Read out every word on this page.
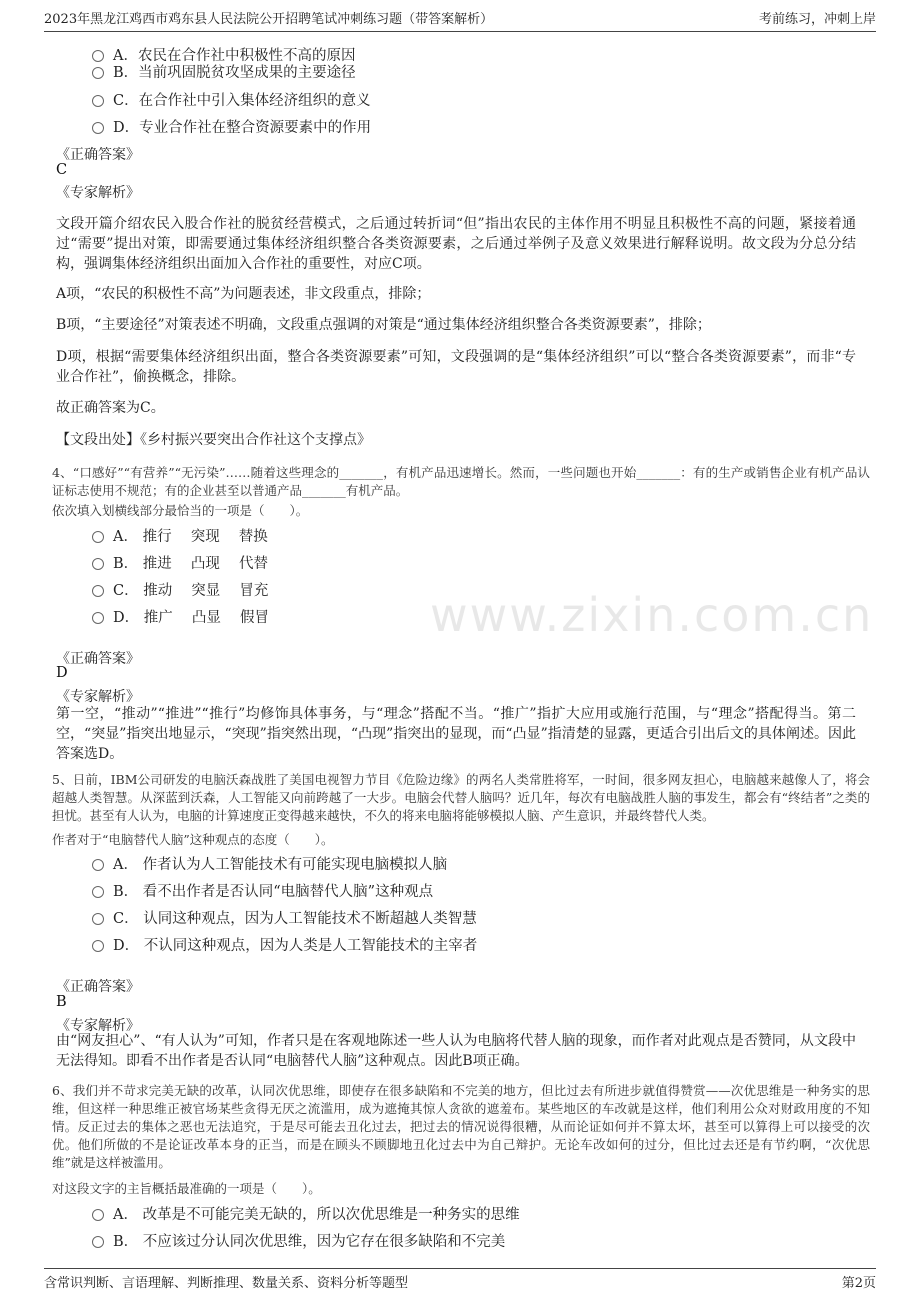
2023年黑龙江鸡西市鸡东县人民法院公开招聘笔试冲刺练习题（带答案解析）	考前练习，冲刺上岸
A．农民在合作社中积极性不高的原因
B．当前巩固脱贫攻坚成果的主要途径
C．在合作社中引入集体经济组织的意义
D．专业合作社在整合资源要素中的作用
《正确答案》
C
《专家解析》
文段开篇介绍农民入股合作社的脱贫经营模式，之后通过转折词“但”指出农民的主体作用不明显且积极性不高的问题，紧接着通过“需要”提出对策，即需要通过集体经济组织整合各类资源要素，之后通过举例子及意义效果进行解释说明。故文段为分总分结构，强调集体经济组织出面加入合作社的重要性，对应C项。
A项，“农民的积极性不高”为问题表述，非文段重点，排除；
B项，“主要途径”对策表述不明确，文段重点强调的对策是“通过集体经济组织整合各类资源要素”，排除；
D项，根据“需要集体经济组织出面，整合各类资源要素”可知，文段强调的是“集体经济组织”可以“整合各类资源要素”，而非“专业合作社”，偷换概念，排除。
故正确答案为C。
【文段出处】《乡村振兴要突出合作社这个支撑点》
4、“口感好”“有营养”“无污染”……随着这些理念的_______，有机产品迅速增长。然而，一些问题也开始_______：有的生产或销售企业有机产品认证标志使用不规范；有的企业甚至以普通产品_______有机产品。
依次填入划横线部分最恰当的一项是（　　）。
A． 推行　 突现　 替换
B． 推进　 凸现　 代替
C． 推动　 突显　 冒充
D． 推广　 凸显　 假冒	www.zixin.com.cn
《正确答案》
D
《专家解析》
第一空，“推动”“推进”“推行”均修饰具体事务，与“理念”搭配不当。“推广”指扩大应用或施行范围，与“理念”搭配得当。第二空，“突显”指突出地显示，“突现”指突然出现，“凸现”指突出的显现，而“凸显”指清楚的显露，更适合引出后文的具体阐述。因此答案选D。
5、日前，IBM公司研发的电脑沃森战胜了美国电视智力节目《危险边缘》的两名人类常胜将军，一时间，很多网友担心，电脑越来越像人了，将会超越人类智慧。从深蓝到沃森，人工智能又向前跨越了一大步。电脑会代替人脑吗？近几年，每次有电脑战胜人脑的事发生，都会有“终结者”之类的担忧。甚至有人认为，电脑的计算速度正变得越来越快，不久的将来电脑将能够模拟人脑、产生意识，并最终替代人类。
作者对于“电脑替代人脑”这种观点的态度（　　）。
A． 作者认为人工智能技术有可能实现电脑模拟人脑
B． 看不出作者是否认同“电脑替代人脑”这种观点
C． 认同这种观点，因为人工智能技术不断超越人类智慧
D． 不认同这种观点，因为人类是人工智能技术的主宰者
《正确答案》
B
《专家解析》
由“网友担心”、“有人认为”可知，作者只是在客观地陈述一些人认为电脑将代替人脑的现象，而作者对此观点是否赞同，从文段中无法得知。即看不出作者是否认同“电脑替代人脑”这种观点。因此B项正确。
6、我们并不苛求完美无缺的改革，认同次优思维，即使存在很多缺陷和不完美的地方，但比过去有所进步就值得赞赏——次优思维是一种务实的思维，但这样一种思维正被官场某些贪得无厌之流滥用，成为遮掩其惊人贪欲的遮羞布。某些地区的车改就是这样，他们利用公众对财政用度的不知情。反正过去的集体之恶也无法追究，于是尽可能去丑化过去，把过去的情况说得很糟，从而论证如何并不算太坏，甚至可以算得上可以接受的次优。他们所做的不是论证改革本身的正当，而是在顾头不顾脚地丑化过去中为自己辩护。无论车改如何的过分，但比过去还是有节约啊，“次优思维”就是这样被滥用。
对这段文字的主旨概括最准确的一项是（　　）。
A． 改革是不可能完美无缺的，所以次优思维是一种务实的思维
B． 不应该过分认同次优思维，因为它存在很多缺陷和不完美
含常识判断、言语理解、判断推理、数量关系、资料分析等题型	第2页
